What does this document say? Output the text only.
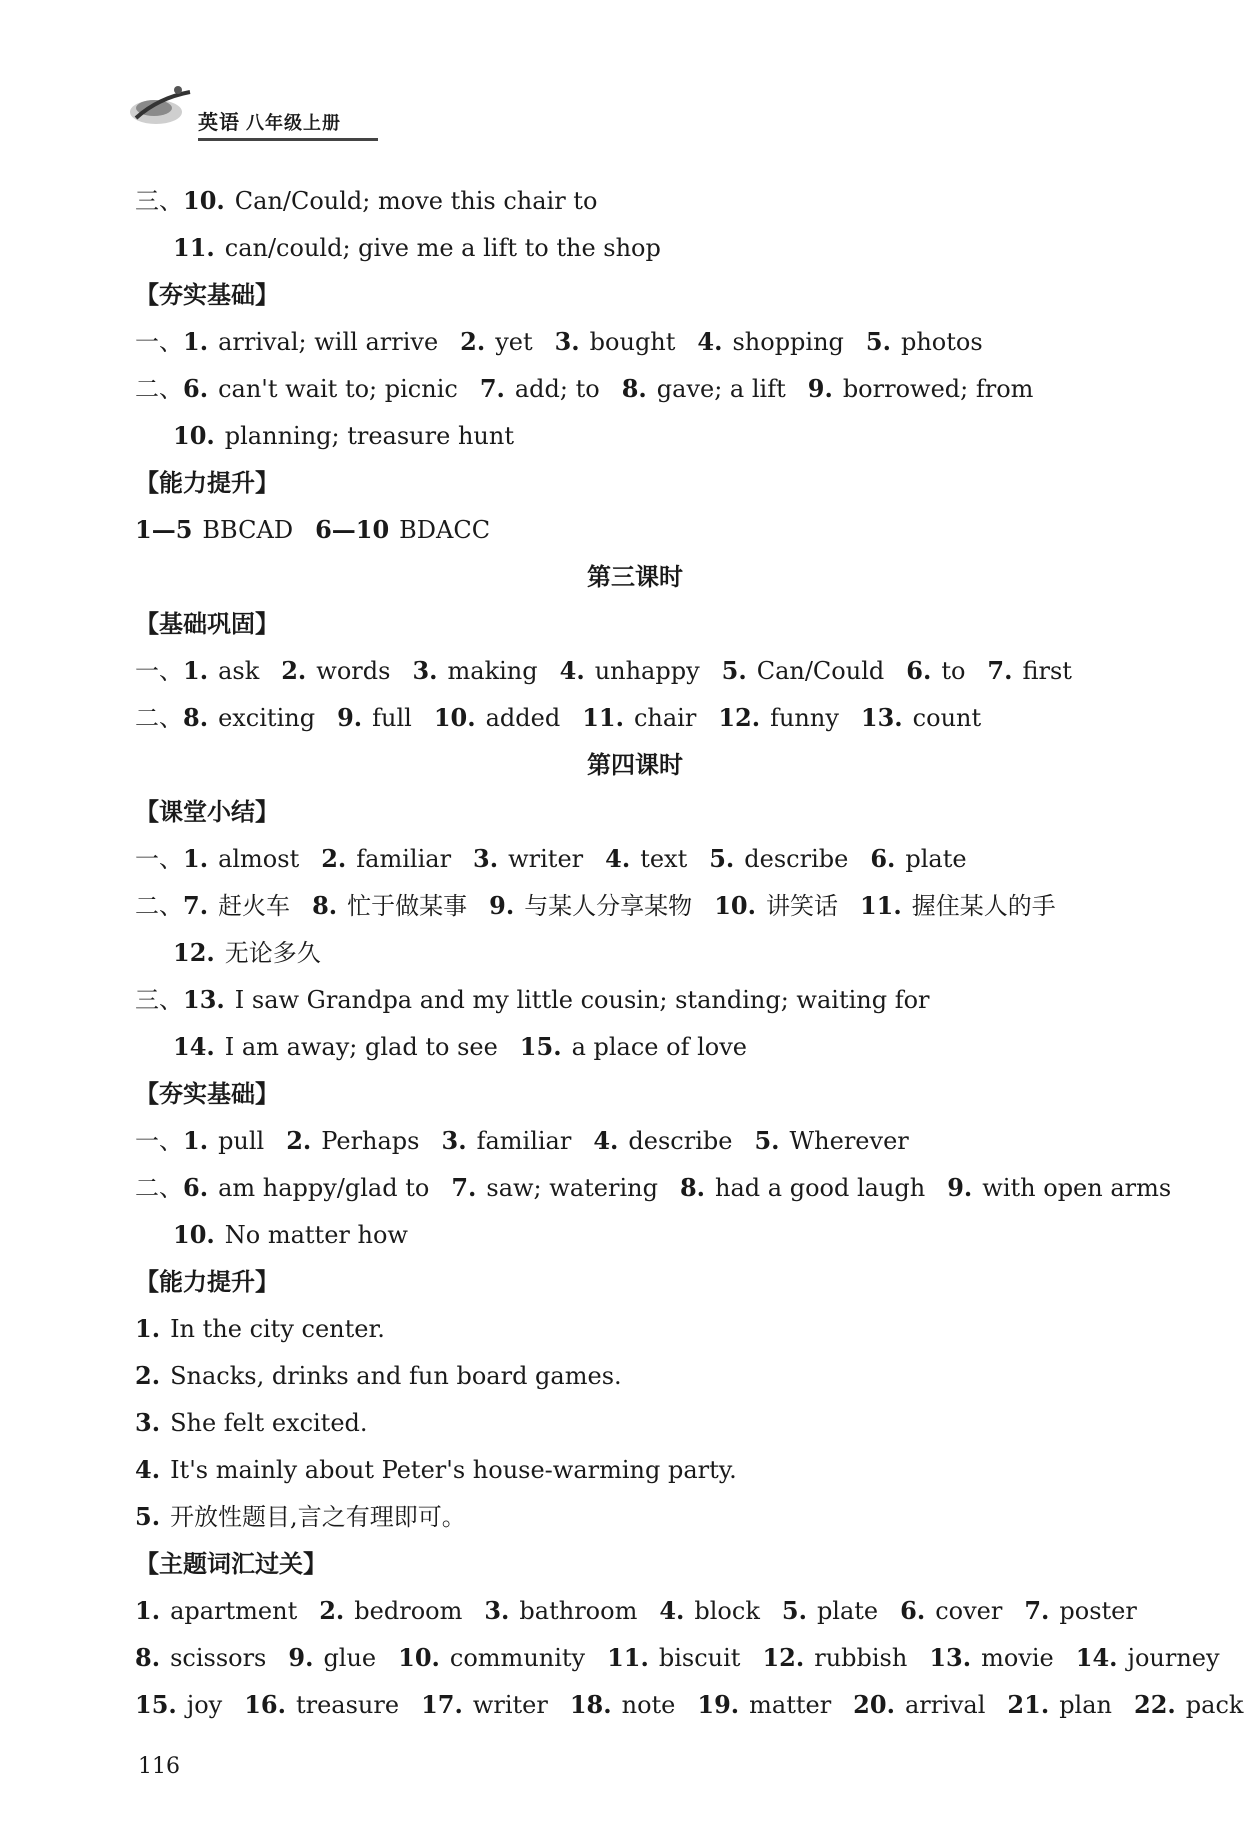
英语 八年级上册
三、10. Can/Could; move this chair to
11. can/could; give me a lift to the shop
【夯实基础】
一、1. arrival; will arrive 2. yet 3. bought 4. shopping 5. photos
二、6. can't wait to; picnic 7. add; to 8. gave; a lift 9. borrowed; from
10. planning; treasure hunt
【能力提升】
1—5 BBCAD 6—10 BDACC
第三课时
【基础巩固】
一、1. ask 2. words 3. making 4. unhappy 5. Can/Could 6. to 7. first
二、8. exciting 9. full 10. added 11. chair 12. funny 13. count
第四课时
【课堂小结】
一、1. almost 2. familiar 3. writer 4. text 5. describe 6. plate
二、7. 赶火车 8. 忙于做某事 9. 与某人分享某物 10. 讲笑话 11. 握住某人的手
12. 无论多久
三、13. I saw Grandpa and my little cousin; standing; waiting for
14. I am away; glad to see 15. a place of love
【夯实基础】
一、1. pull 2. Perhaps 3. familiar 4. describe 5. Wherever
二、6. am happy/glad to 7. saw; watering 8. had a good laugh 9. with open arms
10. No matter how
【能力提升】
1. In the city center.
2. Snacks, drinks and fun board games.
3. She felt excited.
4. It's mainly about Peter's house-warming party.
5. 开放性题目,言之有理即可。
【主题词汇过关】
1. apartment 2. bedroom 3. bathroom 4. block 5. plate 6. cover 7. poster
8. scissors 9. glue 10. community 11. biscuit 12. rubbish 13. movie 14. journey
15. joy 16. treasure 17. writer 18. note 19. matter 20. arrival 21. plan 22. pack
116
